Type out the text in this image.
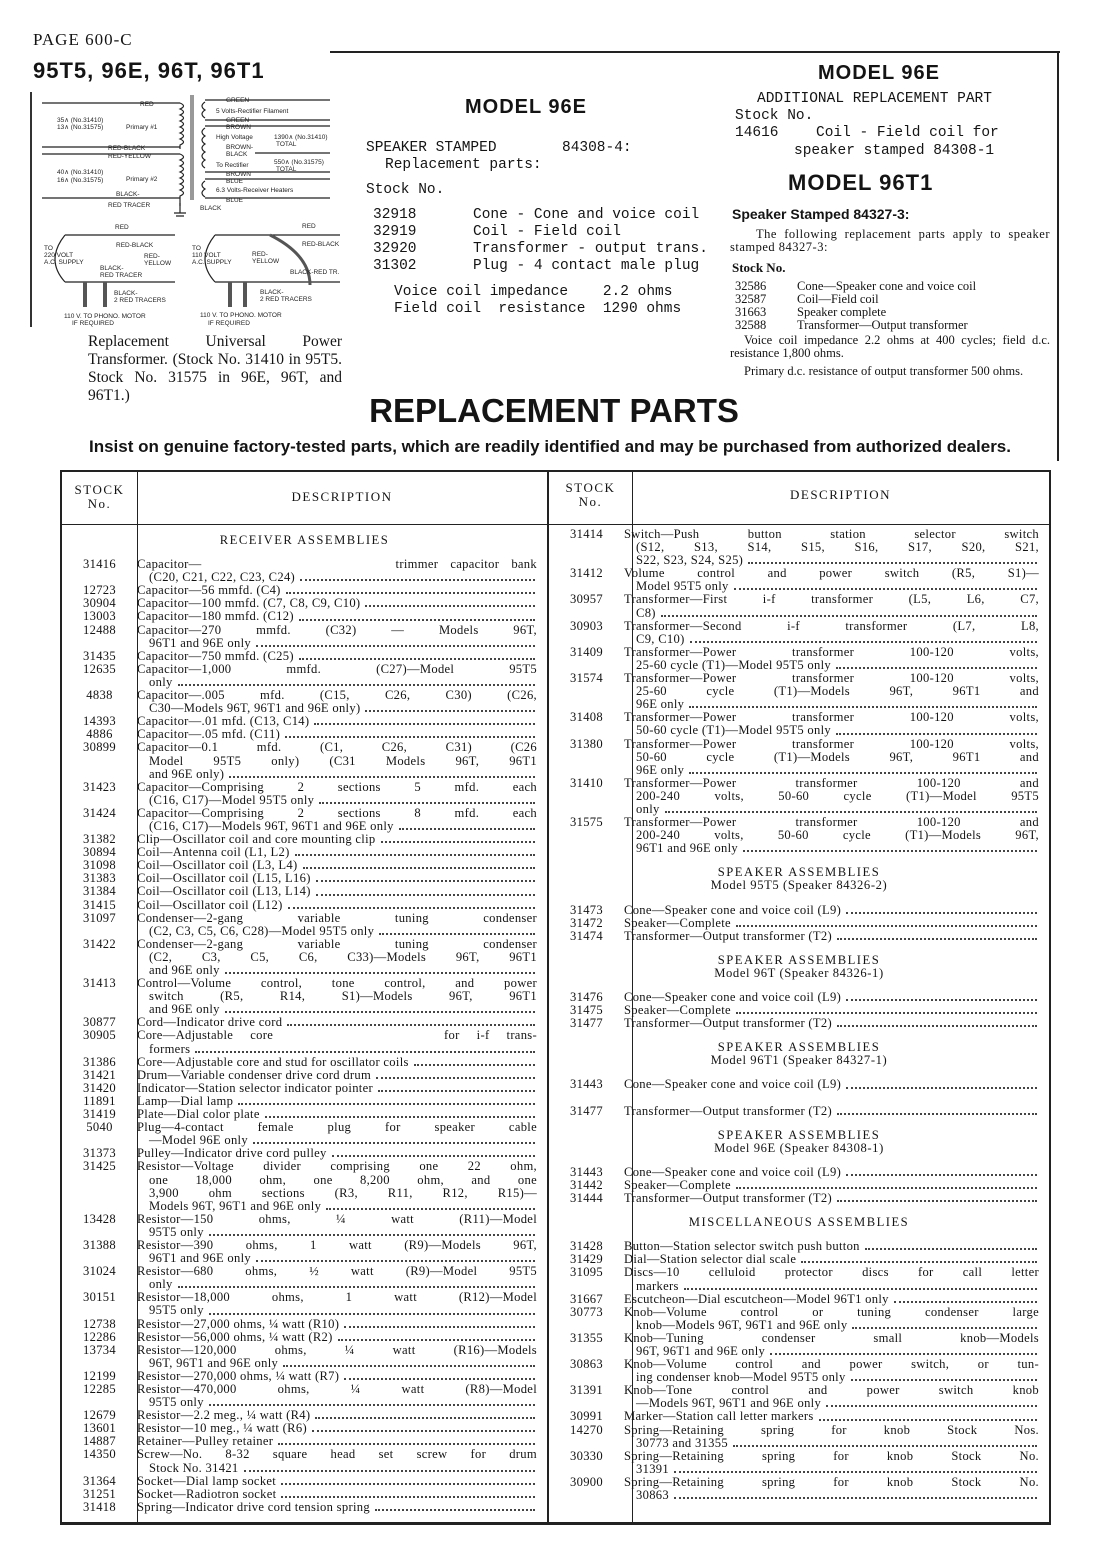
PAGE 600-C
95T5, 96E, 96T, 96T1
RED
35∧ (No.31410)
13∧ (No.31575)	Primary #1
RED-BLACK
RED-YELLOW
40∧ (No.31410)
16∧ (No.31575)	Primary #2
BLACK-
RED TRACER
GREEN
5 Volts-Rectifier Filament
GREEN
BROWN
High Voltage	1390∧ (No.31410)
TOTAL
BROWN-
BLACK
To Rectifier	550∧ (No.31575)
TOTAL
BROWN
BLUE
6.3 Volts-Receiver Heaters
BLUE
BLACK
RED
RED-BLACK
TO
220 VOLT
A.C. SUPPLY
RED-
YELLOW
BLACK-
RED TRACER
BLACK-
2 RED TRACERS
110 V. TO PHONO. MOTOR
IF REQUIRED
RED
RED-BLACK
TO
110 VOLT
A.C. SUPPLY
RED-
YELLOW
BLACK-RED TR.
BLACK-
2 RED TRACERS
110 V. TO PHONO. MOTOR
IF REQUIRED
Replacement Universal Power Transformer. (Stock No. 31410 in 95T5. Stock No. 31575 in 96E, 96T, and 96T1.)
MODEL 96E
SPEAKER STAMPED	84308-4:
Replacement parts:
Stock No.
32918	Cone - Cone and voice coil
32919	Coil - Field coil
32920	Transformer - output trans.
31302	Plug - 4 contact male plug
Voice coil impedance    2.2 ohms
Field coil  resistance  1290 ohms
MODEL 96E
ADDITIONAL REPLACEMENT PART
Stock No.
14616	Coil - Field coil for
speaker stamped 84308-1
MODEL 96T1
Speaker Stamped 84327-3:
The following replacement parts apply to speaker stamped 84327-3:
Stock No.
32586 Cone—Speaker cone and voice coil
32587 Coil—Field coil
31663 Speaker complete
32588 Transformer—Output transformer
Voice coil impedance 2.2 ohms at 400 cycles; field d.c. resistance 1,800 ohms.
Primary d.c. resistance of output transformer 500 ohms.
REPLACEMENT PARTS
Insist on genuine factory-tested parts, which are readily identified and may be purchased from authorized dealers.
STOCK
No.	DESCRIPTION
STOCK
No.	DESCRIPTION
RECEIVER ASSEMBLIES
31416	Capacitor—                trimmer capacitor bank
(C20, C21, C22, C23, C24)
12723	Capacitor—56 mmfd. (C4)
30904	Capacitor—100 mmfd. (C7, C8, C9, C10)
13003	Capacitor—180 mmfd. (C12)
12488	Capacitor—270 mmfd. (C32) — Models 96T,
96T1 and 96E only
31435	Capacitor—750 mmfd. (C25)
12635	Capacitor—1,000 mmfd. (C27)—Model 95T5
only
4838	Capacitor—.005 mfd. (C15, C26, C30) (C26,
C30—Models 96T, 96T1 and 96E only)
14393	Capacitor—.01 mfd. (C13, C14)
4886	Capacitor—.05 mfd. (C11)
30899	Capacitor—0.1 mfd. (C1, C26, C31) (C26
Model 95T5 only) (C31 Models 96T, 96T1
and 96E only)
31423	Capacitor—Comprising 2 sections 5 mfd. each
(C16, C17)—Model 95T5 only
31424	Capacitor—Comprising 2 sections 8 mfd. each
(C16, C17)—Models 96T, 96T1 and 96E only
31382	Clip—Oscillator coil and core mounting clip
30894	Coil—Antenna coil (L1, L2)
31098	Coil—Oscillator coil (L3, L4)
31383	Coil—Oscillator coil (L15, L16)
31384	Coil—Oscillator coil (L13, L14)
31415	Coil—Oscillator coil (L12)
31097	Condenser—2-gang variable tuning condenser
(C2, C3, C5, C6, C28)—Model 95T5 only
31422	Condenser—2-gang variable tuning condenser
(C2, C3, C5, C6, C33)—Models 96T, 96T1
and 96E only
31413	Control—Volume control, tone control, and power
switch (R5, R14, S1)—Models 96T, 96T1
and 96E only
30877	Cord—Indicator drive cord
30905	Core—Adjustable core          for i-f trans-
formers
31386	Core—Adjustable core and stud for oscillator coils
31421	Drum—Variable condenser drive cord drum
31420	Indicator—Station selector indicator pointer
11891	Lamp—Dial lamp
31419	Plate—Dial color plate
5040	Plug—4-contact female plug for speaker cable
—Model 96E only
31373	Pulley—Indicator drive cord pulley
31425	Resistor—Voltage divider comprising one 22 ohm,
one 18,000 ohm, one 8,200 ohm, and one
3,900 ohm sections (R3, R11, R12, R15)—
Models 96T, 96T1 and 96E only
13428	Resistor—150 ohms, ¼ watt (R11)—Model
95T5 only
31388	Resistor—390 ohms, 1 watt (R9)—Models 96T,
96T1 and 96E only
31024	Resistor—680 ohms, ½ watt (R9)—Model 95T5
only
30151	Resistor—18,000 ohms, 1 watt (R12)—Model
95T5 only
12738	Resistor—27,000 ohms, ¼ watt (R10)
12286	Resistor—56,000 ohms, ¼ watt (R2)
13734	Resistor—120,000 ohms, ¼ watt (R16)—Models
96T, 96T1 and 96E only
12199	Resistor—270,000 ohms, ¼ watt (R7)
12285	Resistor—470,000 ohms, ¼ watt (R8)—Model
95T5 only
12679	Resistor—2.2 meg., ¼ watt (R4)
13601	Resistor—10 meg., ¼ watt (R6)
14887	Retainer—Pulley retainer
14350	Screw—No. 8-32 square head set screw for drum
Stock No. 31421
31364	Socket—Dial lamp socket
31251	Socket—Radiotron socket
31418	Spring—Indicator drive cord tension spring
31414	Switch—Push button station selector switch
(S12, S13, S14, S15, S16, S17, S20, S21,
S22, S23, S24, S25)
31412	Volume control and power switch (R5, S1)—
Model 95T5 only
30957	Transformer—First i-f transformer (L5, L6, C7,
C8)
30903	Transformer—Second i-f transformer (L7, L8,
C9, C10)
31409	Transformer—Power transformer 100-120 volts,
25-60 cycle (T1)—Model 95T5 only
31574	Transformer—Power transformer 100-120 volts,
25-60 cycle (T1)—Models 96T, 96T1 and
96E only
31408	Transformer—Power transformer 100-120 volts,
50-60 cycle (T1)—Model 95T5 only
31380	Transformer—Power transformer 100-120 volts,
50-60 cycle (T1)—Models 96T, 96T1 and
96E only
31410	Transformer—Power transformer 100-120 and
200-240 volts, 50-60 cycle (T1)—Model 95T5
only
31575	Transformer—Power transformer 100-120 and
200-240 volts, 50-60 cycle (T1)—Models 96T,
96T1 and 96E only
SPEAKER ASSEMBLIES
Model 95T5 (Speaker 84326-2)
31473	Cone—Speaker cone and voice coil (L9)
31472	Speaker—Complete
31474	Transformer—Output transformer (T2)
SPEAKER ASSEMBLIES
Model 96T (Speaker 84326-1)
31476	Cone—Speaker cone and voice coil (L9)
31475	Speaker—Complete
31477	Transformer—Output transformer (T2)
SPEAKER ASSEMBLIES
Model 96T1 (Speaker 84327-1)
31443	Cone—Speaker cone and voice coil (L9)
31477	Transformer—Output transformer (T2)
SPEAKER ASSEMBLIES
Model 96E (Speaker 84308-1)
31443	Cone—Speaker cone and voice coil (L9)
31442	Speaker—Complete
31444	Transformer—Output transformer (T2)
MISCELLANEOUS ASSEMBLIES
31428	Button—Station selector switch push button
31429	Dial—Station selector dial scale
31095	Discs—10 celluloid protector discs for call letter
markers
31667	Escutcheon—Dial escutcheon—Model 96T1 only
30773	Knob—Volume control or tuning condenser large
knob—Models 96T, 96T1 and 96E only
31355	Knob—Tuning condenser small knob—Models
96T, 96T1 and 96E only
30863	Knob—Volume control and power switch, or tun-
ing condenser knob—Model 95T5 only
31391	Knob—Tone control and power switch knob
—Models 96T, 96T1 and 96E only
30991	Marker—Station call letter markers
14270	Spring—Retaining spring for knob Stock Nos.
30773 and 31355
30330	Spring—Retaining spring for knob Stock No.
31391
30900	Spring—Retaining spring for knob Stock No.
30863
